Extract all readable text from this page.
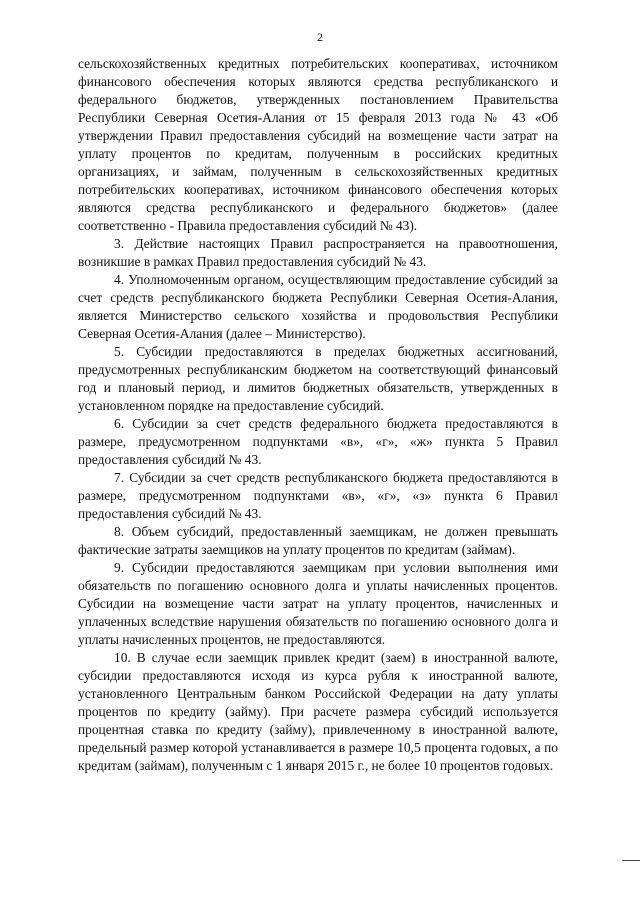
2

сельскохозяйственных кредитных потребительских кооперативах, источником финансового обеспечения которых являются средства республиканского и федерального бюджетов, утвержденных постановлением Правительства Республики Северная Осетия-Алания от 15 февраля 2013 года № 43 «Об утверждении Правил предоставления субсидий на возмещение части затрат на уплату процентов по кредитам, полученным в российских кредитных организациях, и займам, полученным в сельскохозяйственных кредитных потребительских кооперативах, источником финансового обеспечения которых являются средства республиканского и федерального бюджетов» (далее соответственно - Правила предоставления субсидий № 43).

3. Действие настоящих Правил распространяется на правоотношения, возникшие в рамках Правил предоставления субсидий № 43.

4. Уполномоченным органом, осуществляющим предоставление субсидий за счет средств республиканского бюджета Республики Северная Осетия-Алания, является Министерство сельского хозяйства и продовольствия Республики Северная Осетия-Алания (далее – Министерство).

5. Субсидии предоставляются в пределах бюджетных ассигнований, предусмотренных республиканским бюджетом на соответствующий финансовый год и плановый период, и лимитов бюджетных обязательств, утвержденных в установленном порядке на предоставление субсидий.

6. Субсидии за счет средств федерального бюджета предоставляются в размере, предусмотренном подпунктами «в», «г», «ж» пункта 5 Правил предоставления субсидий № 43.

7. Субсидии за счет средств республиканского бюджета предоставляются в размере, предусмотренном подпунктами «в», «г», «з» пункта 6 Правил предоставления субсидий № 43.

8. Объем субсидий, предоставленный заемщикам, не должен превышать фактические затраты заемщиков на уплату процентов по кредитам (займам).

9. Субсидии предоставляются заемщикам при условии выполнения ими обязательств по погашению основного долга и уплаты начисленных процентов. Субсидии на возмещение части затрат на уплату процентов, начисленных и уплаченных вследствие нарушения обязательств по погашению основного долга и уплаты начисленных процентов, не предоставляются.

10. В случае если заемщик привлек кредит (заем) в иностранной валюте, субсидии предоставляются исходя из курса рубля к иностранной валюте, установленного Центральным банком Российской Федерации на дату уплаты процентов по кредиту (займу). При расчете размера субсидий используется процентная ставка по кредиту (займу), привлеченному в иностранной валюте, предельный размер которой устанавливается в размере 10,5 процента годовых, а по кредитам (займам), полученным с 1 января 2015 г., не более 10 процентов годовых.
